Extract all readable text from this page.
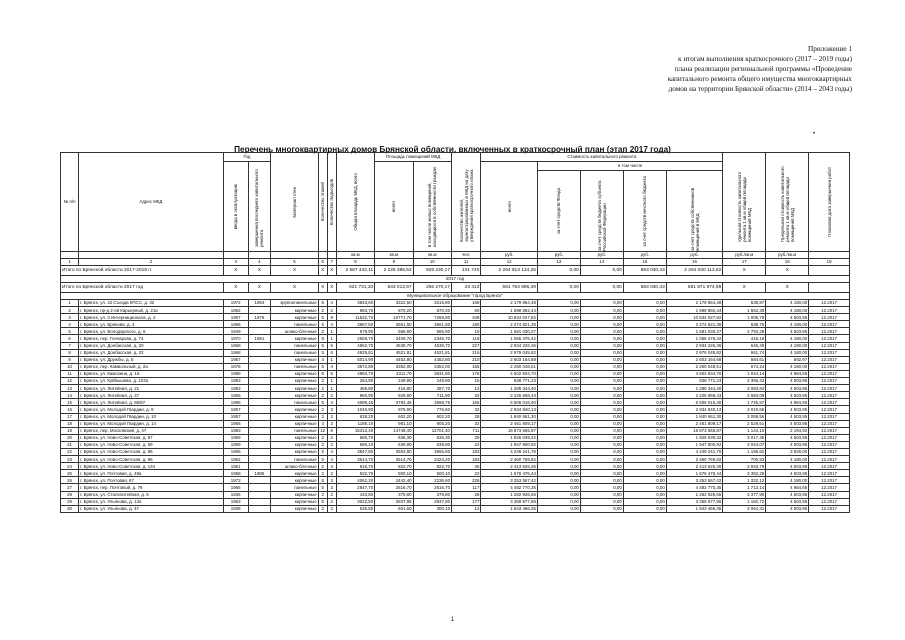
Приложение 1
к итогам выполнения краткосрочного (2017 – 2019 годы)
плана реализации региональной программы «Проведение
капитального ремонта общего имущества многоквартирных
домов на территории Брянской области» (2014 – 2043 годы)
•
Перечень многоквартирных домов Брянской области, включенных в краткосрочный план (этап 2017 года)
№ п/п	Адрес МКД	Год		Материал стен	Количество этажей	Количество подъездов	Общая площадь МКД, всего	Площадь помещений МКД		Количество жителей, зарегистрированных в МКД на дату утверждения краткосрочного плана	Стоимость капитального ремонта					Удельная стоимость капитального ремонта 1 кв.м общей площади помещений МКД	Предельная стоимость капитального ремонта 1 кв.м общей площади помещений МКД	Плановая дата завершения работ

		ввода в эксплуатацию	завершения последнего капитального ремонта					всего	в том числе жилых помещений, находящихся в собственности граждан		всего	в том числе						

												за счет средств Фонда	за счет средств бюджета субъекта Российской Федерации	за счет средств местного бюджета	за счет средств собственников помещений в МКД			

							кв.м	кв.м	кв.м	чел.	руб.	руб.	руб.	руб.	руб.	руб./кв.м	руб./кв.м	
1	2	3	4	5	6	7	8	9	10	11	12	13	14	15	16	17	18	19
Итого по Брянской области 2017-2019 гг.		X	X	X	X	X	2 587 442,11	2 226 386,53	509 230,17	101 740	2 264 913 134,25	0,00	0,00	883 030,43	2 264 030 113,82	X	X	
2017 год																		
Итого по Брянской области 2017 год		X	X	X	X	X	621 731,20	543 013,97	256 270,17	23 413	581 754 995,39	0,00	0,00	883 030,43	581 871 974,98	X	X	
Муниципальное образование "город Брянск"																		
1	г. Брянск, ул. 22 Съезда КПСС, д. 32	1972	1984	крупнопанельные	5	4	3843,60	3322,50	3216,80	168	2 179 864,48	0,00	0,00	0,00	2 179 864,48	635,87	4 180,00	12.2017
2	г. Брянск, пр-д 2-ой Карьерный, д. 21а	1962		кирпичные	2	2	983,70	870,20	870,20	60	1 698 892,44	0,00	0,00	0,00	1 698 892,44	1 552,30	4 180,00	12.2017
3	г. Брянск, ул. 3 Интернационала, д. 2	1957	1975	кирпичные	5	9	11632,70	10771,70	7269,90	349	10 834 027,82	0,00	0,00	0,00	10 834 027,82	1 005,78	4 503,95	12.2017
4	г. Брянск, ул. Брянова, д. 4	1966		панельные	5	4	3867,50	3561,50	3561,50	180	2 274 821,38	0,00	0,00	0,00	2 274 821,38	638,75	4 180,00	12.2017
5	г. Брянск, ул. Володарского, д. 6	1949		шлако-блочные	2	1	579,90	565,90	565,90	19	1 581 030,27	0,00	0,00	0,00	1 581 030,27	2 793,28	4 503,95	12.2017
6	г. Брянск, пер. Гончарова, д. 74	1970	1991	кирпичные	9	1	2559,70	2409,70	2345,70	118	1 066 476,42	0,00	0,00	0,00	1 066 476,42	415,19	4 180,00	12.2017
7	г. Брянск, ул. Донбасская, д. 20	1968		панельные	5	6	4962,70	4539,70	4539,70	227	2 934 226,36	0,00	0,00	0,00	2 934 226,36	646,49	4 180,00	12.2017
8	г. Брянск, ул. Донбасская, д. 22	1968		панельные	5	6	4925,81	4521,81	4521,81	216	2 979 045,82	0,00	0,00	0,00	2 979 045,82	661,74	4 180,00	12.2017
9	г. Брянск, ул. Дружбы, д. 5	1967		кирпичные	4	1	5014,90	4452,80	4452,80	210	2 603 164,68	0,00	0,00	0,00	2 603 164,68	584,61	692,97	12.2017
10	г. Брянск, пер. Камвольный, д. 2а	1978		панельные	5	4	3572,80	3352,00	3352,00	156	2 260 048,51	0,00	0,00	0,00	2 260 048,51	674,24	4 180,00	12.2017
11	г. Брянск, ул. Камозина, д. 16	1989		кирпичные	9	5	4893,70	4311,70	3831,80	178	4 502 834,70	0,00	0,00	0,00	4 502 834,70	1 044,14	4 984,65	12.2017
12	г. Брянск, ул. Куйбышева, д. 102а	1953		кирпичные	2	1	264,90	249,90	249,90	15	838 771,23	0,00	0,00	0,00	838 771,23	3 356,43	4 503,95	12.2017
13	г. Брянск, ул. Литейная, д. 21	1953		кирпичные	2	1	459,80	416,80	287,70	12	1 285 344,40	0,00	0,00	0,00	1 285 344,40	3 083,84	4 503,95	12.2017
14	г. Брянск, ул. Литейная, д. 27	1955		кирпичные	2	2	960,90	829,90	711,90	32	2 226 658,43	0,00	0,00	0,00	2 226 658,43	2 683,09	4 503,95	12.2017
15	г. Брянск, ул. Литейная, д. 66/87	1985		панельные	5	4	4099,45	3784,45	3558,75	166	6 606 016,40	0,00	0,00	0,00	6 606 016,40	1 745,57	4 984,65	12.2017
16	г. Брянск, ул. Молодой Гвардии, д. 8	1957		кирпичные	2	3	1046,90	975,90	776,60	32	2 934 840,13	0,00	0,00	0,00	2 934 840,13	3 010,66	4 503,95	12.2017
17	г. Брянск, ул. Молодой Гвардии, д. 10	1957		кирпичные	2	2	638,20	602,20	602,20	28	1 840 661,30	0,00	0,00	0,00	1 840 661,30	3 058,56	4 503,95	12.2017
18	г. Брянск, ул. Молодой Гвардии, д. 14	1956		кирпичные	3	3	1186,10	981,10	905,20	32	2 461 809,17	0,00	0,00	0,00	2 461 809,17	2 529,51	4 503,95	12.2017
19	г. Брянск, пер. Московский, д. 47	1983		панельные	12	6	15312,40	14748,40	14701,40	711	16 873 665,87	0,00	0,00	0,00	16 873 665,87	1 144,10	2 194,92	12.2017
20	г. Брянск, ул. Ново-Советская, д. 57	1959		кирпичные	2	2	686,70	636,30	636,30	29	1 926 039,32	0,00	0,00	0,00	1 926 039,32	3 017,45	4 503,95	12.2017
21	г. Брянск, ул. Ново-Советская, д. 59	1959		кирпичные	2	2	686,10	639,90	639,90	22	1 947 800,92	0,00	0,00	0,00	1 947 800,92	3 044,07	4 503,95	12.2017
22	г. Брянск, ул. Ново-Советская, д. 86	1965		кирпичные	5	4	3847,80	3553,80	3565,80	183	4 249 241,76	0,00	0,00	0,00	4 249 241,76	1 195,62	3 926,00	12.2017
23	г. Брянск, ул. Ново-Советская, д. 96	1962		панельные	5	4	3614,70	3514,70	3424,20	183	2 460 769,82	0,00	0,00	0,00	2 460 769,82	700,53	4 180,00	12.2017
24	г. Брянск, ул. Ново-Советская, д. 134	1951		шлако-блочные	2	3	916,70	822,70	822,70	35	2 413 625,36	0,00	0,00	0,00	2 413 625,36	2 933,79	4 503,95	12.2017
25	г. Брянск, ул. Почтовая, д. 48а	1958	1985	кирпичные	2	2	532,70	500,10	500,10	22	1 676 476,44	0,00	0,00	0,00	1 676 476,44	3 352,29	4 503,95	12.2017
26	г. Брянск, ул. Почтовая, 67	1973		кирпичные	5	3	4062,20	2442,40	2236,60	228	3 253 567,42	0,00	0,00	0,00	3 253 567,42	1 332,12	4 180,00	12.2017
27	г. Брянск, пер. Почтовый, д. 79	1965		панельные	5	3	2847,70	2616,70	2616,70	117	4 482 770,35	0,00	0,00	0,00	4 482 770,35	1 713,14	4 984,65	12.2017
28	г. Брянск, ул. Сталелитейная, д. 5	1936		кирпичные	2	2	433,80	379,80	379,80	28	1 282 926,65	0,00	0,00	0,00	1 282 926,65	3 377,90	4 503,95	12.2017
29	г. Брянск, ул. Ульянова, д. 13а	1963		кирпичные	5	2	3022,50	2837,95	2837,90	177	3 358 977,96	0,00	0,00	0,00	3 358 977,96	1 182,72	4 503,95	12.2017
30	г. Брянск, ул. Ульянова, д. 47	1938		кирпичные	2	2	536,80	601,60	300,10	12	1 843 466,35	0,00	0,00	0,00	1 843 466,35	3 064,31	4 503,95	12.2017
1
